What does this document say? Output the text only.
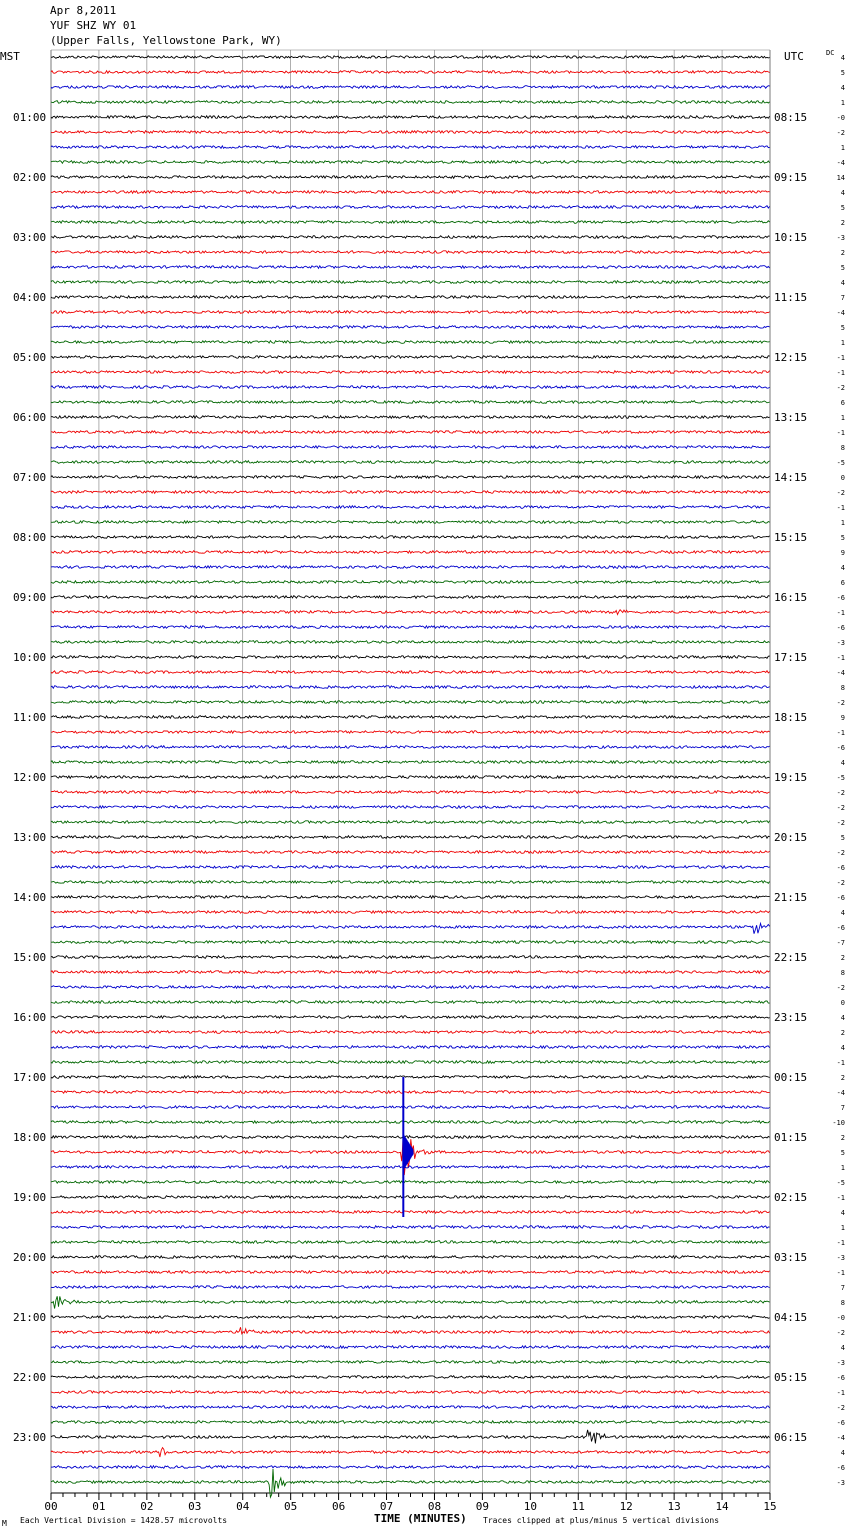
Apr 8,2011
YUF SHZ WY 01
(Upper Falls, Yellowstone Park, WY)
MST	UTC	DC
00	01	02	03	04	05	06	07	08	09	10	11	12	13	14	15
4
5
4
1
-0
-2
1
-4
14
4
5
2
-3
2
5
4
7
-4
5
1
-1
-1
-2
6
1
-1
8
-5
0
-2
-1
1
5
9
4
6
-6
-1
-6
-3
-1
-4
8
-2
9
-1
-6
4
-5
-2
-2
-2
5
-2
-6
-2
-6
4
-6
-7
2
8
-2
0
4
2
4
-1
2
-4
7
-10
2
5
1
-5
-1
4
1
-1
-3
-1
7
8
-0
-2
4
-3
-6
-1
-2
-6
-4
4
-6
-3
01:00
02:00
03:00
04:00
05:00
06:00
07:00
08:00
09:00
10:00
11:00
12:00
13:00
14:00
15:00
16:00
17:00
18:00
19:00
20:00
21:00
22:00
23:00
08:15
09:15
10:15
11:15
12:15
13:15
14:15
15:15
16:15
17:15
18:15
19:15
20:15
21:15
22:15
23:15
00:15
01:15
02:15
03:15
04:15
05:15
06:15
M Each Vertical Division = 1428.57 microvolts	TIME (MINUTES) Traces clipped at plus/minus 5 vertical divisions
